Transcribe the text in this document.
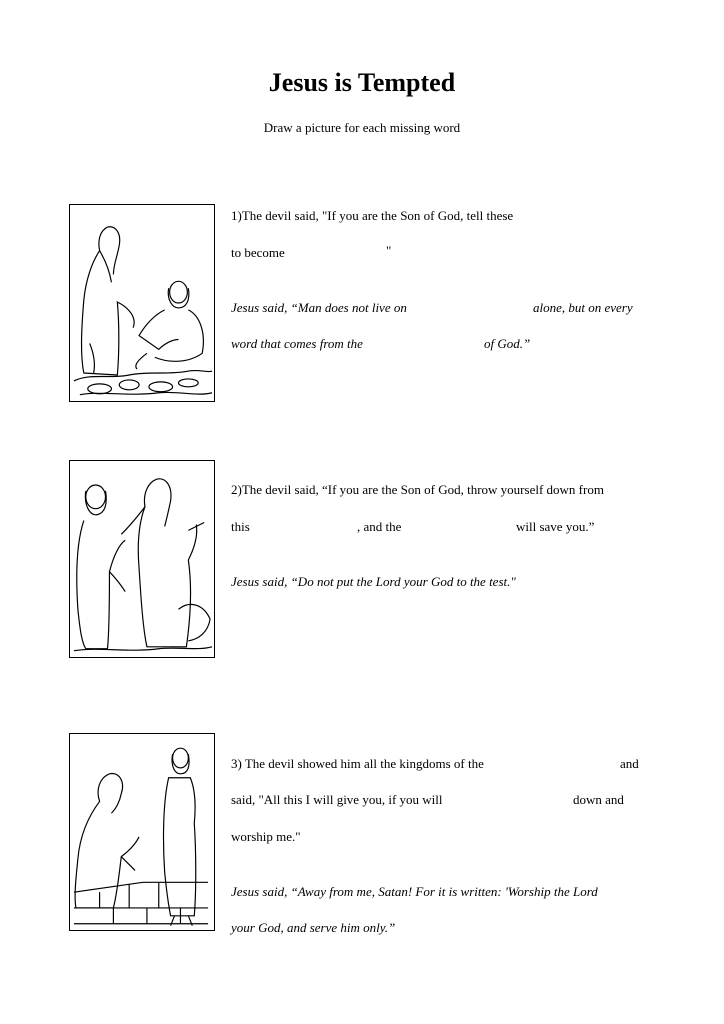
Jesus is Tempted
Draw a picture for each missing word
1)The devil said, "If you are the Son of God, tell these
to become	"
Jesus said, “Man does not live on	alone, but on every
word that comes from the	of God.”
2)The devil said, “If you are the Son of God, throw yourself down from
this	, and the	will save you.”
Jesus said, “Do not put the Lord your God to the test."
3) The devil showed him all the kingdoms of the	and
said, "All this I will give you, if you will	down and
worship me."
Jesus said, “Away from me, Satan! For it is written: 'Worship the Lord
your God, and serve him only.”
